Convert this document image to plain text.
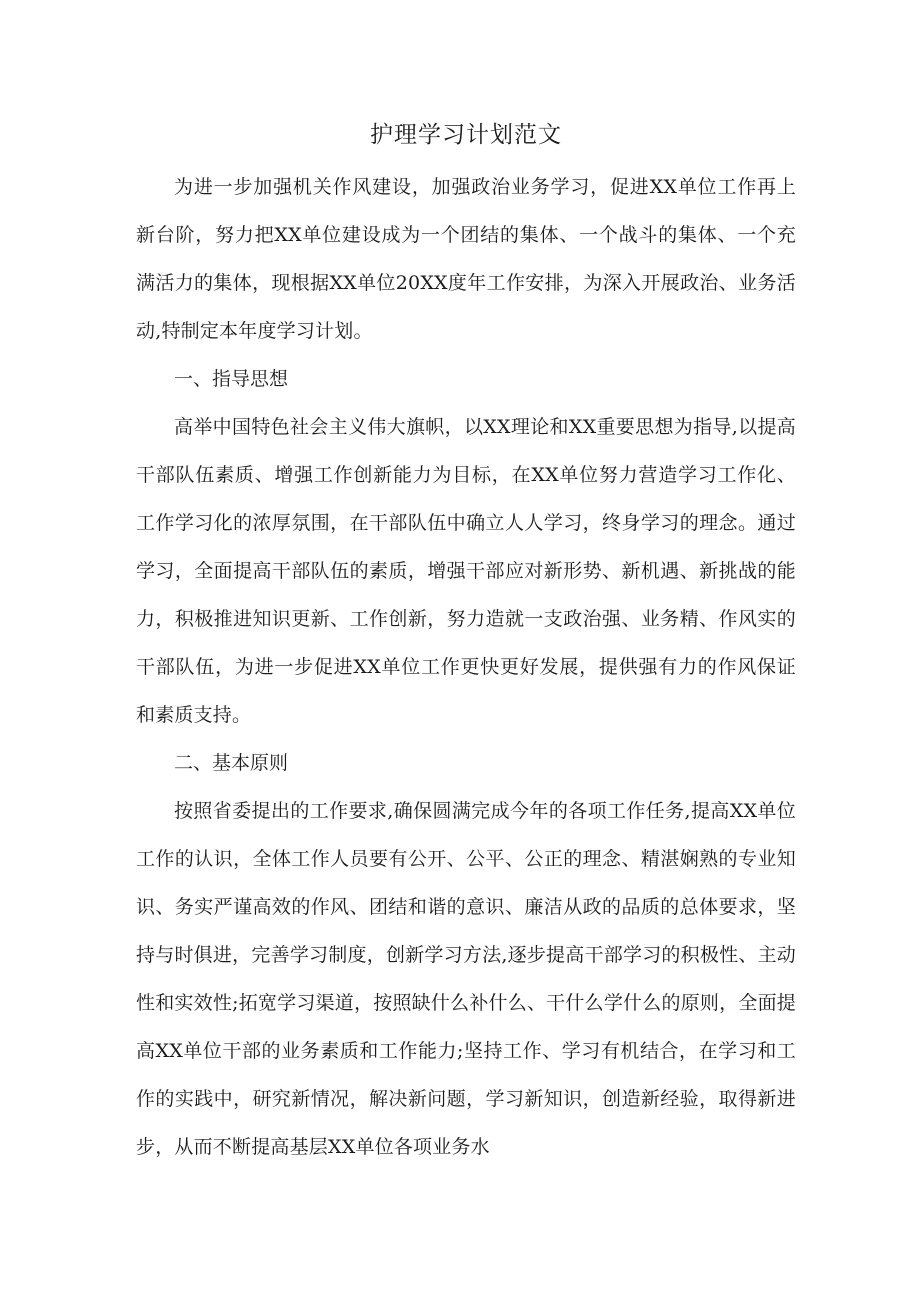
护理学习计划范文

为进一步加强机关作风建设，加强政治业务学习，促进XX单位工作再上新台阶，努力把XX单位建设成为一个团结的集体、一个战斗的集体、一个充满活力的集体，现根据XX单位20XX度年工作安排，为深入开展政治、业务活动,特制定本年度学习计划。

一、指导思想

高举中国特色社会主义伟大旗帜，以XX理论和XX重要思想为指导,以提高干部队伍素质、增强工作创新能力为目标，在XX单位努力营造学习工作化、工作学习化的浓厚氛围，在干部队伍中确立人人学习，终身学习的理念。通过学习，全面提高干部队伍的素质，增强干部应对新形势、新机遇、新挑战的能力，积极推进知识更新、工作创新，努力造就一支政治强、业务精、作风实的干部队伍，为进一步促进XX单位工作更快更好发展，提供强有力的作风保证和素质支持。

二、基本原则

按照省委提出的工作要求,确保圆满完成今年的各项工作任务,提高XX单位工作的认识，全体工作人员要有公开、公平、公正的理念、精湛娴熟的专业知识、务实严谨高效的作风、团结和谐的意识、廉洁从政的品质的总体要求，坚持与时俱进，完善学习制度，创新学习方法,逐步提高干部学习的积极性、主动性和实效性;拓宽学习渠道，按照缺什么补什么、干什么学什么的原则，全面提高XX单位干部的业务素质和工作能力;坚持工作、学习有机结合，在学习和工作的实践中，研究新情况，解决新问题，学习新知识，创造新经验，取得新进步，从而不断提高基层XX单位各项业务水
